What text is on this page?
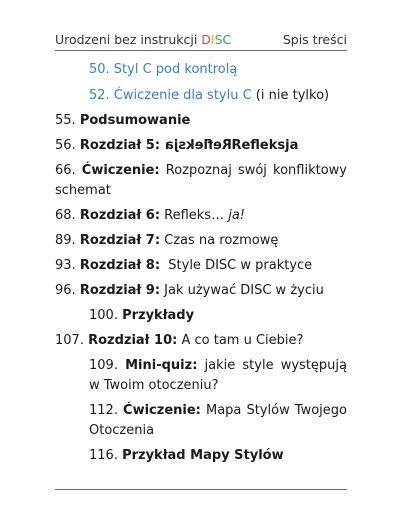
Urodzeni bez instrukcji DISC	Spis treści
50. Styl C pod kontrolą
52. Ćwiczenie dla stylu C (i nie tylko)
55. Podsumowanie
56. Rozdział 5: RefleksjaRefleksja
66. Ćwiczenie: Rozpoznaj swój konfliktowy schemat
68. Rozdział 6: Refleks… ja!
89. Rozdział 7: Czas na rozmowę
93. Rozdział 8:  Style DISC w praktyce
96. Rozdział 9: Jak używać DISC w życiu
100. Przykłady
107. Rozdział 10: A co tam u Ciebie?
109. Mini-quiz: jakie style występują w Twoim otoczeniu?
112. Ćwiczenie: Mapa Stylów Twojego Otoczenia
116. Przykład Mapy Stylów
